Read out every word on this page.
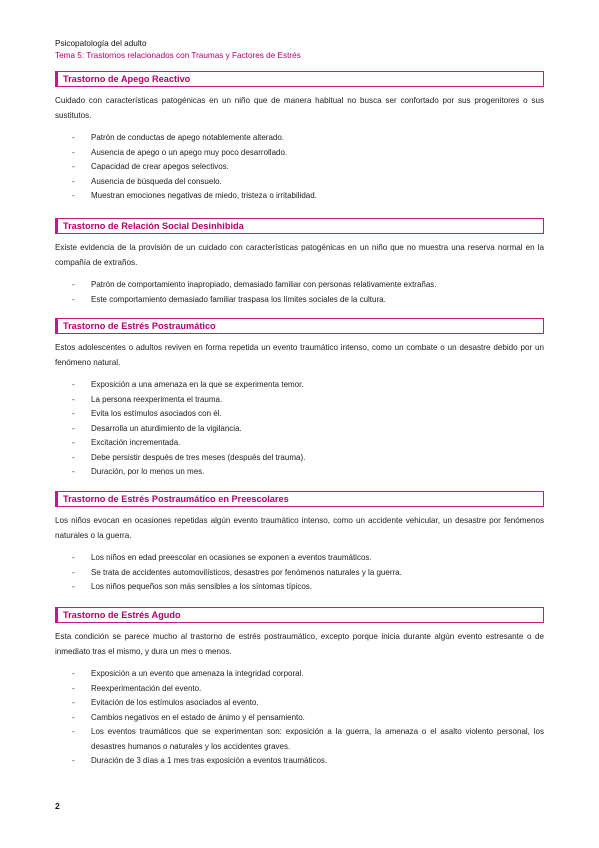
Psicopatología del adulto
Tema 5: Trastornos relacionados con Traumas y Factores de Estrés
Trastorno de Apego Reactivo
Cuidado con características patogénicas en un niño que de manera habitual no busca ser confortado por sus progenitores o sus sustitutos.
- Patrón de conductas de apego notablemente alterado.
- Ausencia de apego o un apego muy poco desarrollado.
- Capacidad de crear apegos selectivos.
- Ausencia de búsqueda del consuelo.
- Muestran emociones negativas de miedo, tristeza o irritabilidad.
Trastorno de Relación Social Desinhibida
Existe evidencia de la provisión de un cuidado con características patogénicas en un niño que no muestra una reserva normal en la compañía de extraños.
- Patrón de comportamiento inapropiado, demasiado familiar con personas relativamente extrañas.
- Este comportamiento demasiado familiar traspasa los límites sociales de la cultura.
Trastorno de Estrés Postraumático
Estos adolescentes o adultos reviven en forma repetida un evento traumático intenso, como un combate o un desastre debido por un fenómeno natural.
- Exposición a una amenaza en la que se experimenta temor.
- La persona reexperimenta el trauma.
- Evita los estímulos asociados con él.
- Desarrolla un aturdimiento de la vigilancia.
- Excitación incrementada.
- Debe persistir después de tres meses (después del trauma).
- Duración, por lo menos un mes.
Trastorno de Estrés Postraumático en Preescolares
Los niños evocan en ocasiones repetidas algún evento traumático intenso, como un accidente vehicular, un desastre por fenómenos naturales o la guerra.
- Los niños en edad preescolar en ocasiones se exponen a eventos traumáticos.
- Se trata de accidentes automovilísticos, desastres por fenómenos naturales y la guerra.
- Los niños pequeños son más sensibles a los síntomas típicos.
Trastorno de Estrés Agudo
Esta condición se parece mucho al trastorno de estrés postraumático, excepto porque inicia durante algún evento estresante o de inmediato tras el mismo, y dura un mes o menos.
- Exposición a un evento que amenaza la integridad corporal.
- Reexperimentación del evento.
- Evitación de los estímulos asociados al evento.
- Cambios negativos en el estado de ánimo y el pensamiento.
- Los eventos traumáticos que se experimentan son: exposición a la guerra, la amenaza o el asalto violento personal, los desastres humanos o naturales y los accidentes graves.
- Duración de 3 días a 1 mes tras exposición a eventos traumáticos.
2
